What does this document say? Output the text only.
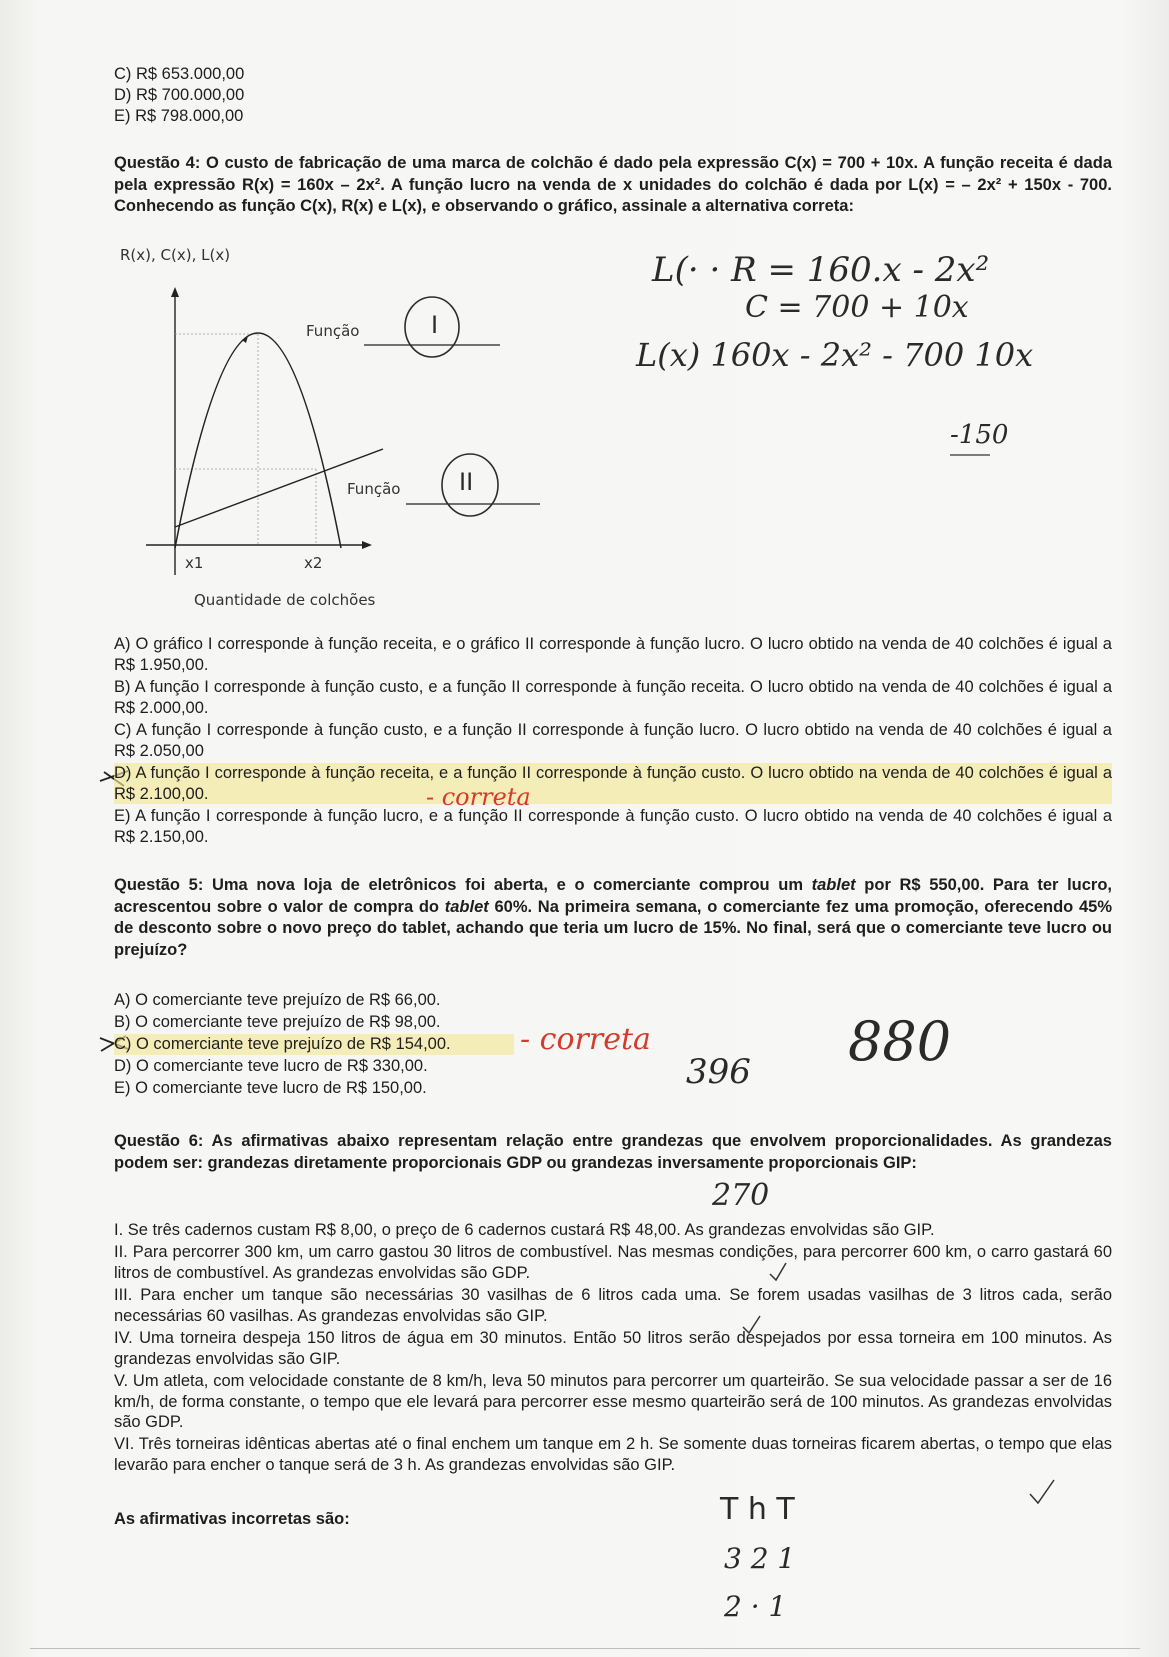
C) R$ 653.000,00
D) R$ 700.000,00
E) R$ 798.000,00
Questão 4: O custo de fabricação de uma marca de colchão é dado pela expressão C(x) = 700 + 10x. A função receita é dada pela expressão R(x) = 160x – 2x². A função lucro na venda de x unidades do colchão é dada por L(x) = – 2x² + 150x - 700. Conhecendo as função C(x), R(x) e L(x), e observando o gráfico, assinale a alternativa correta:
R(x), C(x), L(x)
Função
Função
x1	x2
Quantidade de colchões
I
II
L(· · R = 160.x - 2x²
C = 700 + 10x
L(x) 160x - 2x² - 700 10x
-150
A) O gráfico I corresponde à função receita, e o gráfico II corresponde à função lucro. O lucro obtido na venda de 40 colchões é igual a R$ 1.950,00.
B) A função I corresponde à função custo, e a função II corresponde à função receita. O lucro obtido na venda de 40 colchões é igual a R$ 2.000,00.
C) A função I corresponde à função custo, e a função II corresponde à função lucro. O lucro obtido na venda de 40 colchões é igual a R$ 2.050,00
D) A função I corresponde à função receita, e a função II corresponde à função custo. O lucro obtido na venda de 40 colchões é igual a R$ 2.100,00.	- correta
E) A função I corresponde à função lucro, e a função II corresponde à função custo. O lucro obtido na venda de 40 colchões é igual a R$ 2.150,00.
Questão 5: Uma nova loja de eletrônicos foi aberta, e o comerciante comprou um tablet por R$ 550,00. Para ter lucro, acrescentou sobre o valor de compra do tablet 60%. Na primeira semana, o comerciante fez uma promoção, oferecendo 45% de desconto sobre o novo preço do tablet, achando que teria um lucro de 15%. No final, será que o comerciante teve lucro ou prejuízo?
A) O comerciante teve prejuízo de R$ 66,00.
B) O comerciante teve prejuízo de R$ 98,00.
C) O comerciante teve prejuízo de R$ 154,00.
D) O comerciante teve lucro de R$ 330,00.
E) O comerciante teve lucro de R$ 150,00.
- correta
396 880
Questão 6: As afirmativas abaixo representam relação entre grandezas que envolvem proporcionalidades. As grandezas podem ser: grandezas diretamente proporcionais GDP ou grandezas inversamente proporcionais GIP:
270
I. Se três cadernos custam R$ 8,00, o preço de 6 cadernos custará R$ 48,00. As grandezas envolvidas são GIP.
II. Para percorrer 300 km, um carro gastou 30 litros de combustível. Nas mesmas condições, para percorrer 600 km, o carro gastará 60 litros de combustível. As grandezas envolvidas são GDP.
III. Para encher um tanque são necessárias 30 vasilhas de 6 litros cada uma. Se forem usadas vasilhas de 3 litros cada, serão necessárias 60 vasilhas. As grandezas envolvidas são GIP.
IV. Uma torneira despeja 150 litros de água em 30 minutos. Então 50 litros serão despejados por essa torneira em 100 minutos. As grandezas envolvidas são GIP.
V. Um atleta, com velocidade constante de 8 km/h, leva 50 minutos para percorrer um quarteirão. Se sua velocidade passar a ser de 16 km/h, de forma constante, o tempo que ele levará para percorrer esse mesmo quarteirão será de 100 minutos. As grandezas envolvidas são GDP.
VI. Três torneiras idênticas abertas até o final enchem um tanque em 2 h. Se somente duas torneiras ficarem abertas, o tempo que elas levarão para encher o tanque será de 3 h. As grandezas envolvidas são GIP.
As afirmativas incorretas são:	T h T
3 2 1
2 · 1
